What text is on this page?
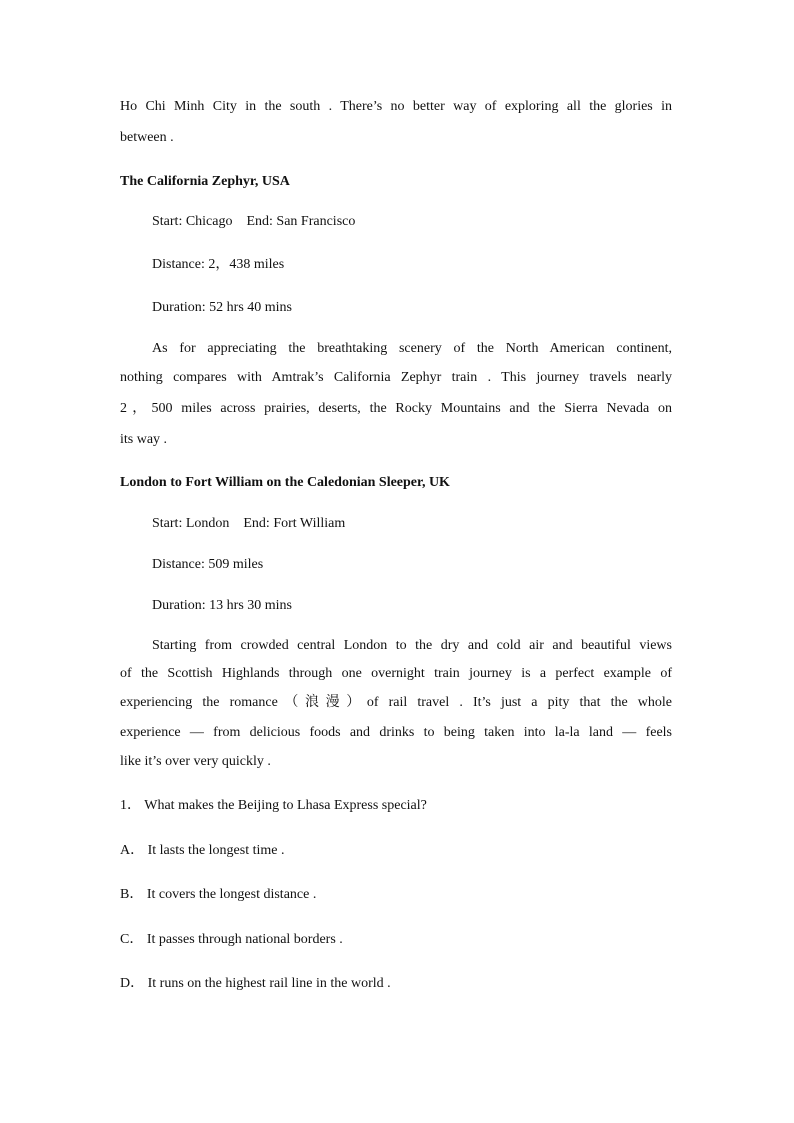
Ho Chi Minh City in the south . There’s no better way of exploring all the glories in
between .
The California Zephyr, USA
Start: Chicago    End: San Francisco
Distance: 2，438 miles
Duration: 52 hrs 40 mins
As for appreciating the breathtaking scenery of the North American continent,
nothing compares with Amtrak’s California Zephyr train . This journey travels nearly
2，500 miles across prairies, deserts, the Rocky Mountains and the Sierra Nevada on
its way .
London to Fort William on the Caledonian Sleeper, UK
Start: London    End: Fort William
Distance: 509 miles
Duration: 13 hrs 30 mins
Starting from crowded central London to the dry and cold air and beautiful views
of the Scottish Highlands through one overnight train journey is a perfect example of
experiencing the romance（浪漫）of rail travel . It’s just a pity that the whole
experience — from delicious foods and drinks to being taken into la-la land — feels
like it’s over very quickly .
1． What makes the Beijing to Lhasa Express special?
A． It lasts the longest time .
B． It covers the longest distance .
C． It passes through national borders .
D． It runs on the highest rail line in the world .
